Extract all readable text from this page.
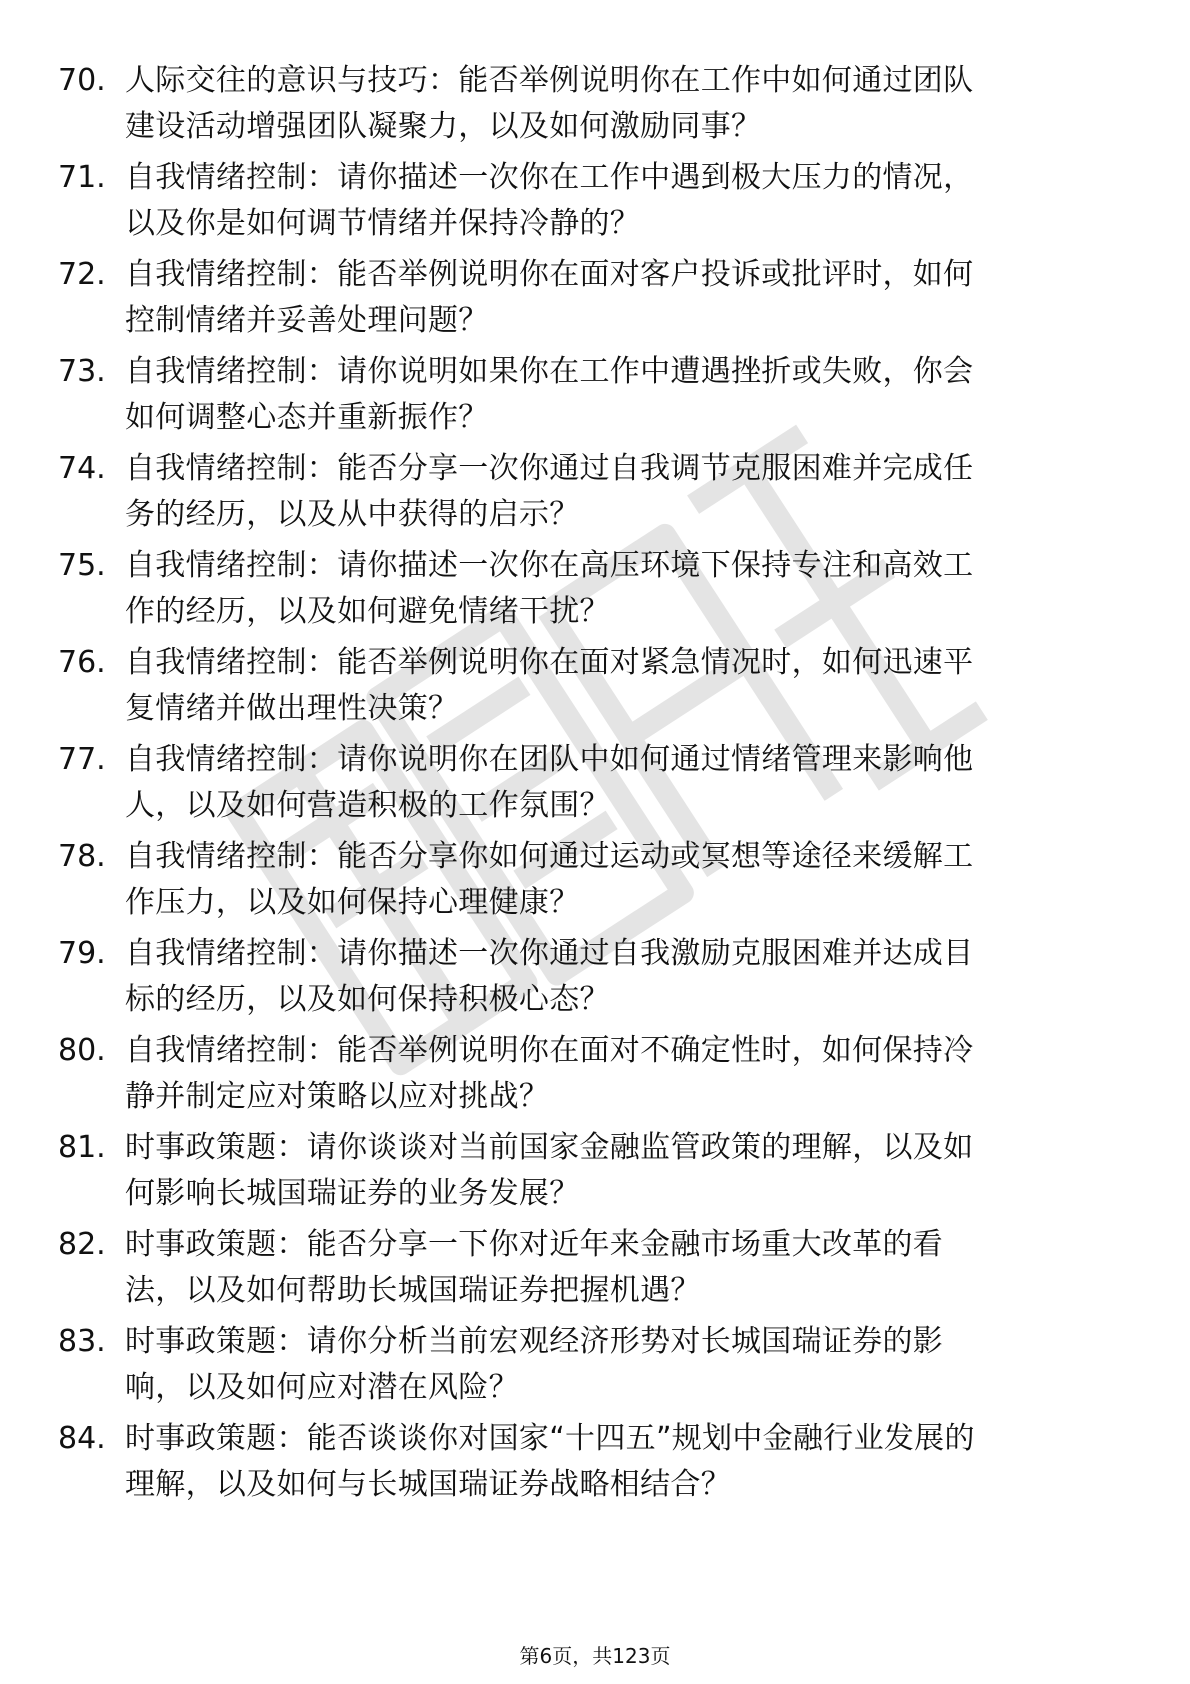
70. 人际交往的意识与技巧：能否举例说明你在工作中如何通过团队
建设活动增强团队凝聚力，以及如何激励同事？
71. 自我情绪控制：请你描述一次你在工作中遇到极大压力的情况，
以及你是如何调节情绪并保持冷静的？
72. 自我情绪控制：能否举例说明你在面对客户投诉或批评时，如何
控制情绪并妥善处理问题？
73. 自我情绪控制：请你说明如果你在工作中遭遇挫折或失败，你会
如何调整心态并重新振作？
74. 自我情绪控制：能否分享一次你通过自我调节克服困难并完成任
务的经历，以及从中获得的启示？
75. 自我情绪控制：请你描述一次你在高压环境下保持专注和高效工
作的经历，以及如何避免情绪干扰？
76. 自我情绪控制：能否举例说明你在面对紧急情况时，如何迅速平
复情绪并做出理性决策？
77. 自我情绪控制：请你说明你在团队中如何通过情绪管理来影响他
人，以及如何营造积极的工作氛围？
78. 自我情绪控制：能否分享你如何通过运动或冥想等途径来缓解工
作压力，以及如何保持心理健康？
79. 自我情绪控制：请你描述一次你通过自我激励克服困难并达成目
标的经历，以及如何保持积极心态？
80. 自我情绪控制：能否举例说明你在面对不确定性时，如何保持冷
静并制定应对策略以应对挑战？
81. 时事政策题：请你谈谈对当前国家金融监管政策的理解，以及如
何影响长城国瑞证券的业务发展？
82. 时事政策题：能否分享一下你对近年来金融市场重大改革的看
法，以及如何帮助长城国瑞证券把握机遇？
83. 时事政策题：请你分析当前宏观经济形势对长城国瑞证券的影
响，以及如何应对潜在风险？
84. 时事政策题：能否谈谈你对国家“十四五”规划中金融行业发展的
理解，以及如何与长城国瑞证券战略相结合？
第6页，共123页
